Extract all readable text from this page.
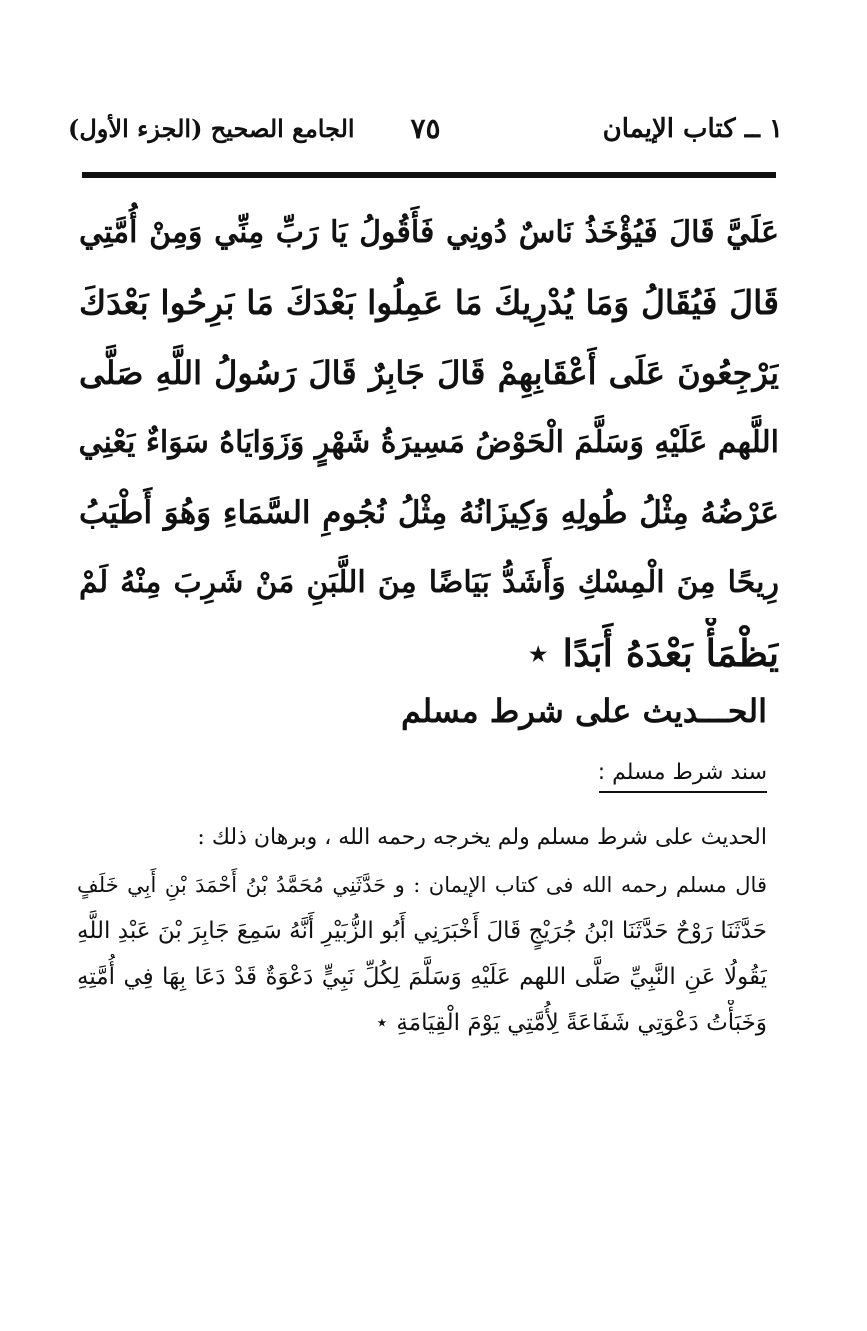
١ ــ كتاب الإيمان
٧٥
الجامع الصحيح (الجزء الأول)
عَلَيَّ قَالَ فَيُؤْخَذُ نَاسٌ دُونِي فَأَقُولُ يَا رَبِّ مِنِّي وَمِنْ أُمَّتِي
قَالَ فَيُقَالُ وَمَا يُدْرِيكَ مَا عَمِلُوا بَعْدَكَ مَا بَرِحُوا بَعْدَكَ
يَرْجِعُونَ عَلَى أَعْقَابِهِمْ قَالَ جَابِرٌ قَالَ رَسُولُ اللَّهِ صَلَّى
اللَّهم عَلَيْهِ وَسَلَّمَ الْحَوْضُ مَسِيرَةُ شَهْرٍ وَزَوَايَاهُ سَوَاءٌ يَعْنِي
عَرْضُهُ مِثْلُ طُولِهِ وَكِيزَانُهُ مِثْلُ نُجُومِ السَّمَاءِ وَهُوَ أَطْيَبُ
رِيحًا مِنَ الْمِسْكِ وَأَشَدُّ بَيَاضًا مِنَ اللَّبَنِ مَنْ شَرِبَ مِنْهُ لَمْ
يَظْمَأْ بَعْدَهُ أَبَدًا ⋆
الحـــديث على شرط مسلم
سند شرط مسلم :
الحديث على شرط مسلم ولم يخرجه رحمه الله ، وبرهان ذلك :
قال مسلم رحمه الله فى كتاب الإيمان : و حَدَّثَنِي مُحَمَّدُ بْنُ أَحْمَدَ بْنِ أَبِي خَلَفٍ
حَدَّثَنَا رَوْحٌ حَدَّثَنَا ابْنُ جُرَيْجٍ قَالَ أَخْبَرَنِي أَبُو الزُّبَيْرِ أَنَّهُ سَمِعَ جَابِرَ بْنَ عَبْدِ اللَّهِ
يَقُولُا عَنِ النَّبِيِّ صَلَّى اللهم عَلَيْهِ وَسَلَّمَ لِكُلِّ نَبِيٍّ دَعْوَةٌ قَدْ دَعَا بِهَا فِي أُمَّتِهِ
وَخَبَأْتُ دَعْوَتِي شَفَاعَةً لِأُمَّتِي يَوْمَ الْقِيَامَةِ ⋆
